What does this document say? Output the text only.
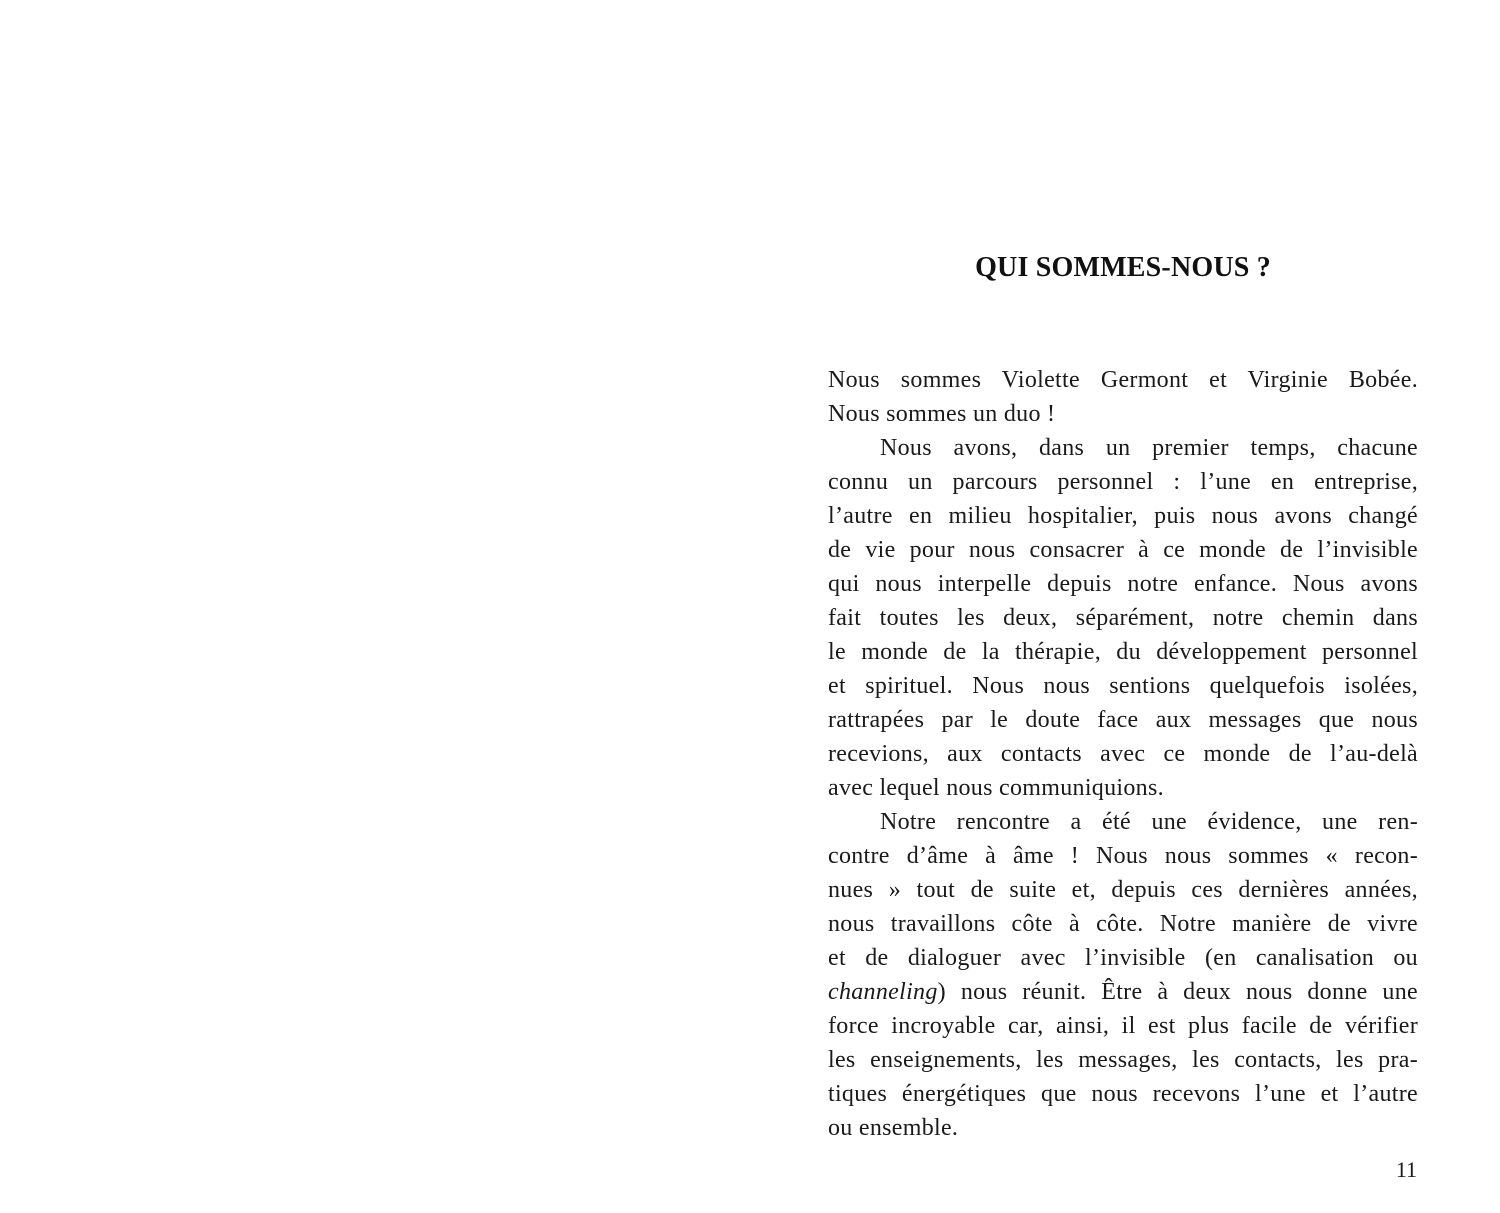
QUI SOMMES-NOUS ?

Nous sommes Violette Germont et Virginie Bobée.
Nous sommes un duo !

Nous avons, dans un premier temps, chacune
connu un parcours personnel : l’une en entreprise,
l’autre en milieu hospitalier, puis nous avons changé
de vie pour nous consacrer à ce monde de l’invisible
qui nous interpelle depuis notre enfance. Nous avons
fait toutes les deux, séparément, notre chemin dans
le monde de la thérapie, du développement personnel
et spirituel. Nous nous sentions quelquefois isolées,
rattrapées par le doute face aux messages que nous
recevions, aux contacts avec ce monde de l’au-delà
avec lequel nous communiquions.

Notre rencontre a été une évidence, une ren-
contre d’âme à âme ! Nous nous sommes « recon-
nues » tout de suite et, depuis ces dernières années,
nous travaillons côte à côte. Notre manière de vivre
et de dialoguer avec l’invisible (en canalisation ou
channeling) nous réunit. Être à deux nous donne une
force incroyable car, ainsi, il est plus facile de vérifier
les enseignements, les messages, les contacts, les pra-
tiques énergétiques que nous recevons l’une et l’autre
ou ensemble.

11
